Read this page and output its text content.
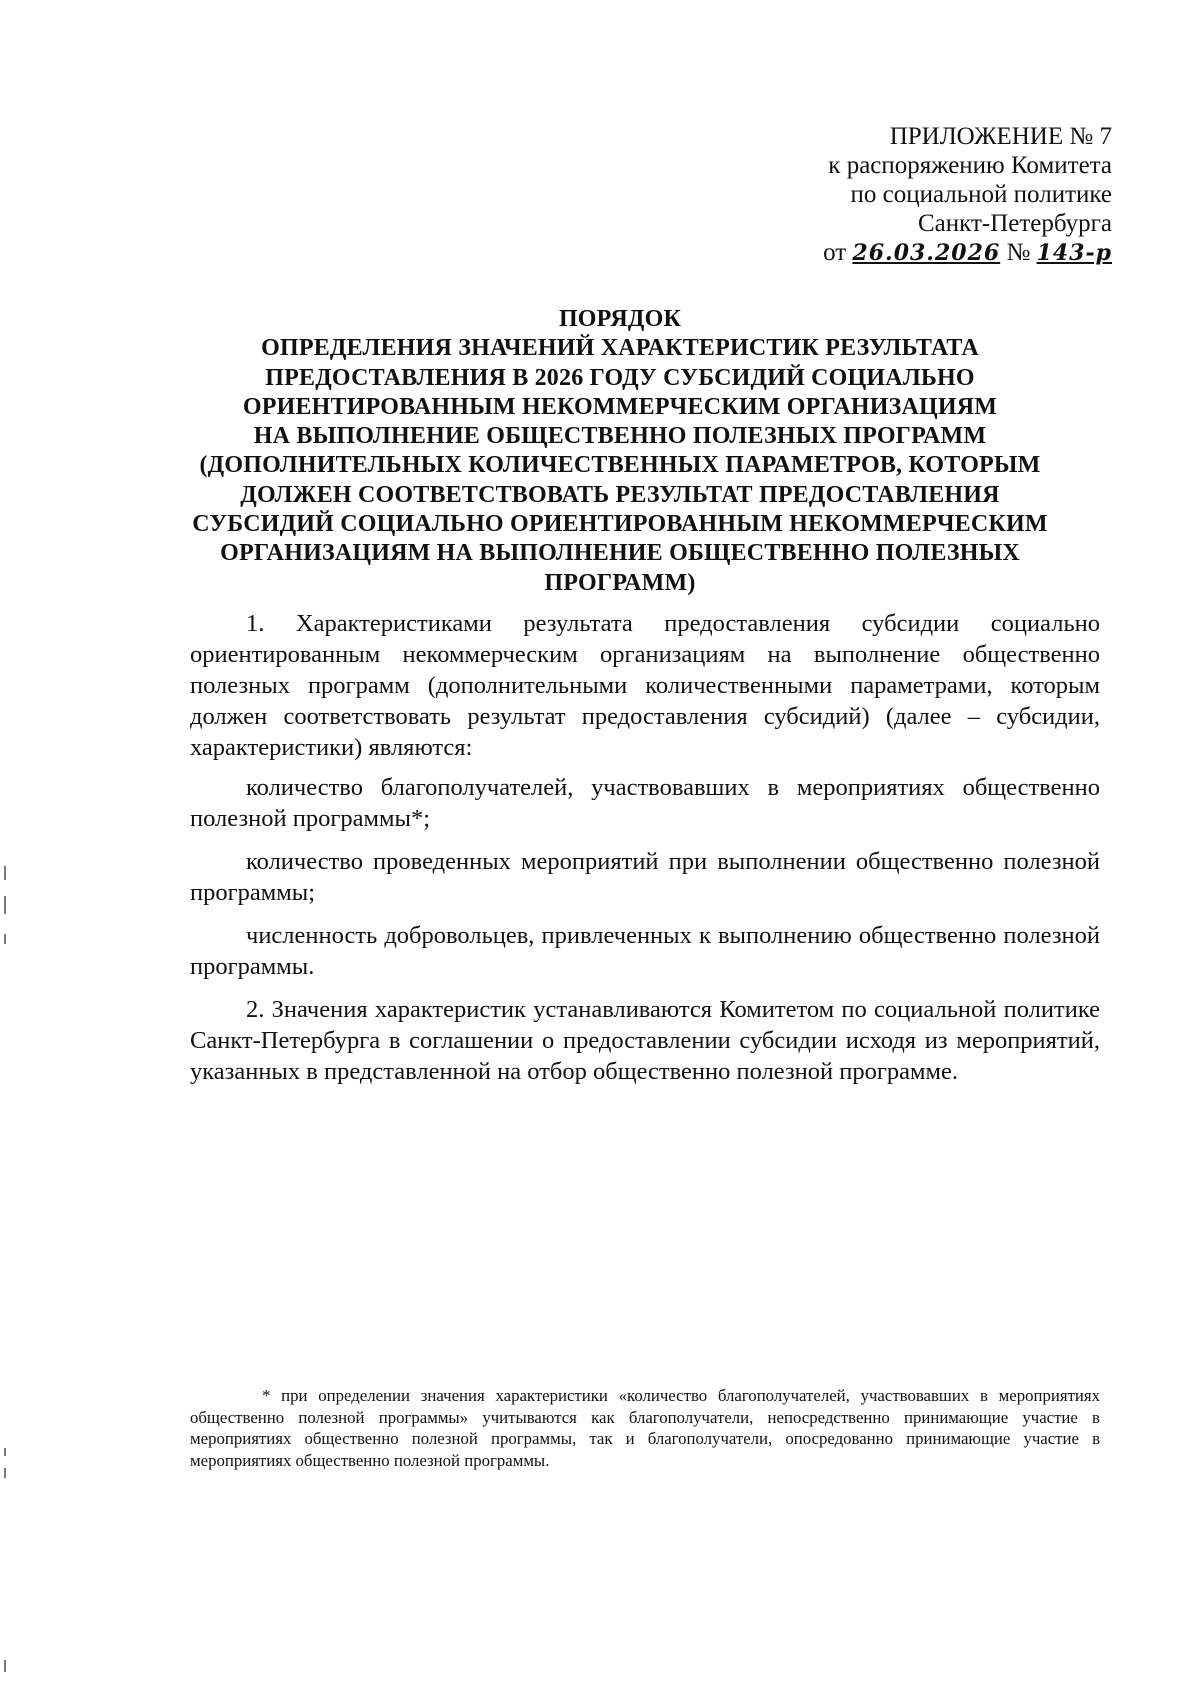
ПРИЛОЖЕНИЕ № 7
к распоряжению Комитета
по социальной политике
Санкт-Петербурга
от 26.03.2026 № 143-р
ПОРЯДОК
ОПРЕДЕЛЕНИЯ ЗНАЧЕНИЙ ХАРАКТЕРИСТИК РЕЗУЛЬТАТА
ПРЕДОСТАВЛЕНИЯ В 2026 ГОДУ СУБСИДИЙ СОЦИАЛЬНО
ОРИЕНТИРОВАННЫМ НЕКОММЕРЧЕСКИМ ОРГАНИЗАЦИЯМ
НА ВЫПОЛНЕНИЕ ОБЩЕСТВЕННО ПОЛЕЗНЫХ ПРОГРАММ
(ДОПОЛНИТЕЛЬНЫХ КОЛИЧЕСТВЕННЫХ ПАРАМЕТРОВ, КОТОРЫМ
ДОЛЖЕН СООТВЕТСТВОВАТЬ РЕЗУЛЬТАТ ПРЕДОСТАВЛЕНИЯ
СУБСИДИЙ СОЦИАЛЬНО ОРИЕНТИРОВАННЫМ НЕКОММЕРЧЕСКИМ
ОРГАНИЗАЦИЯМ НА ВЫПОЛНЕНИЕ ОБЩЕСТВЕННО ПОЛЕЗНЫХ
ПРОГРАММ)

1. Характеристиками результата предоставления субсидии социально ориентированным некоммерческим организациям на выполнение общественно полезных программ (дополнительными количественными параметрами, которым должен соответствовать результат предоставления субсидий) (далее – субсидии, характеристики) являются:

количество благополучателей, участвовавших в мероприятиях общественно полезной программы*;

количество проведенных мероприятий при выполнении общественно полезной программы;

численность добровольцев, привлеченных к выполнению общественно полезной программы.

2. Значения характеристик устанавливаются Комитетом по социальной политике Санкт-Петербурга в соглашении о предоставлении субсидии исходя из мероприятий, указанных в представленной на отбор общественно полезной программе.

* при определении значения характеристики «количество благополучателей, участвовавших в мероприятиях общественно полезной программы» учитываются как благополучатели, непосредственно принимающие участие в мероприятиях общественно полезной программы, так и благополучатели, опосредованно принимающие участие в мероприятиях общественно полезной программы.
